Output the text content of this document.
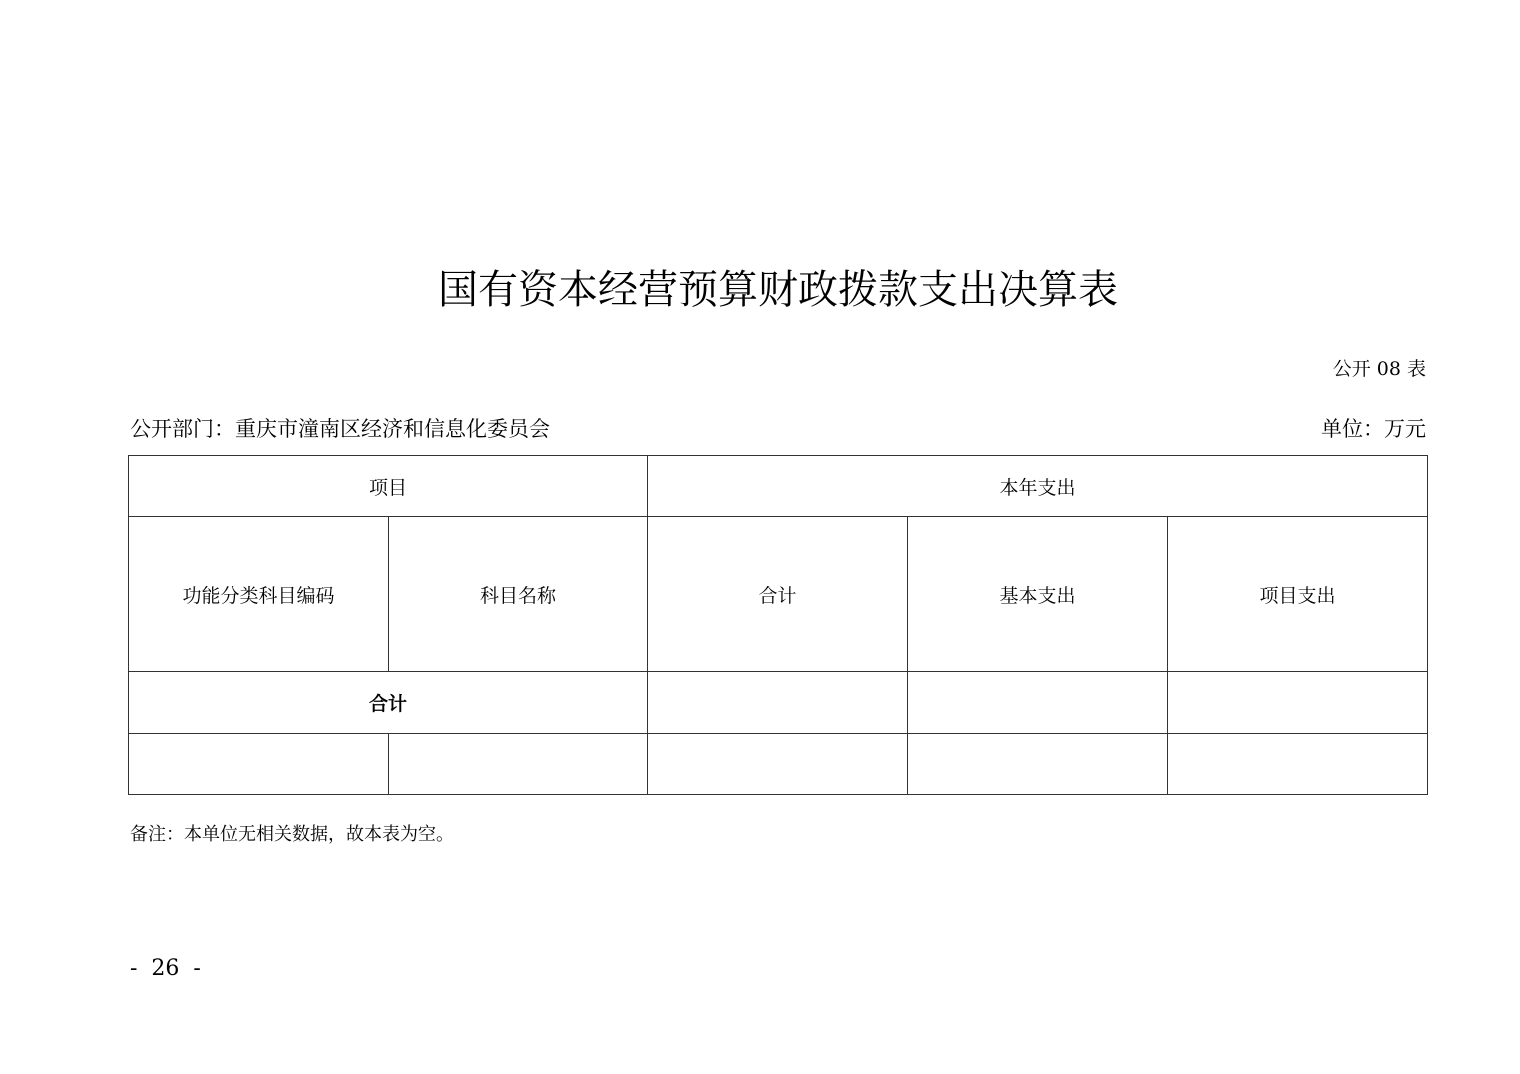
国有资本经营预算财政拨款支出决算表
公开 08 表
公开部门：重庆市潼南区经济和信息化委员会	单位：万元
项目		本年支出		
功能分类科目编码	科目名称	合计	基本支出	项目支出
合计				

备注：本单位无相关数据，故本表为空。
-  26  -
